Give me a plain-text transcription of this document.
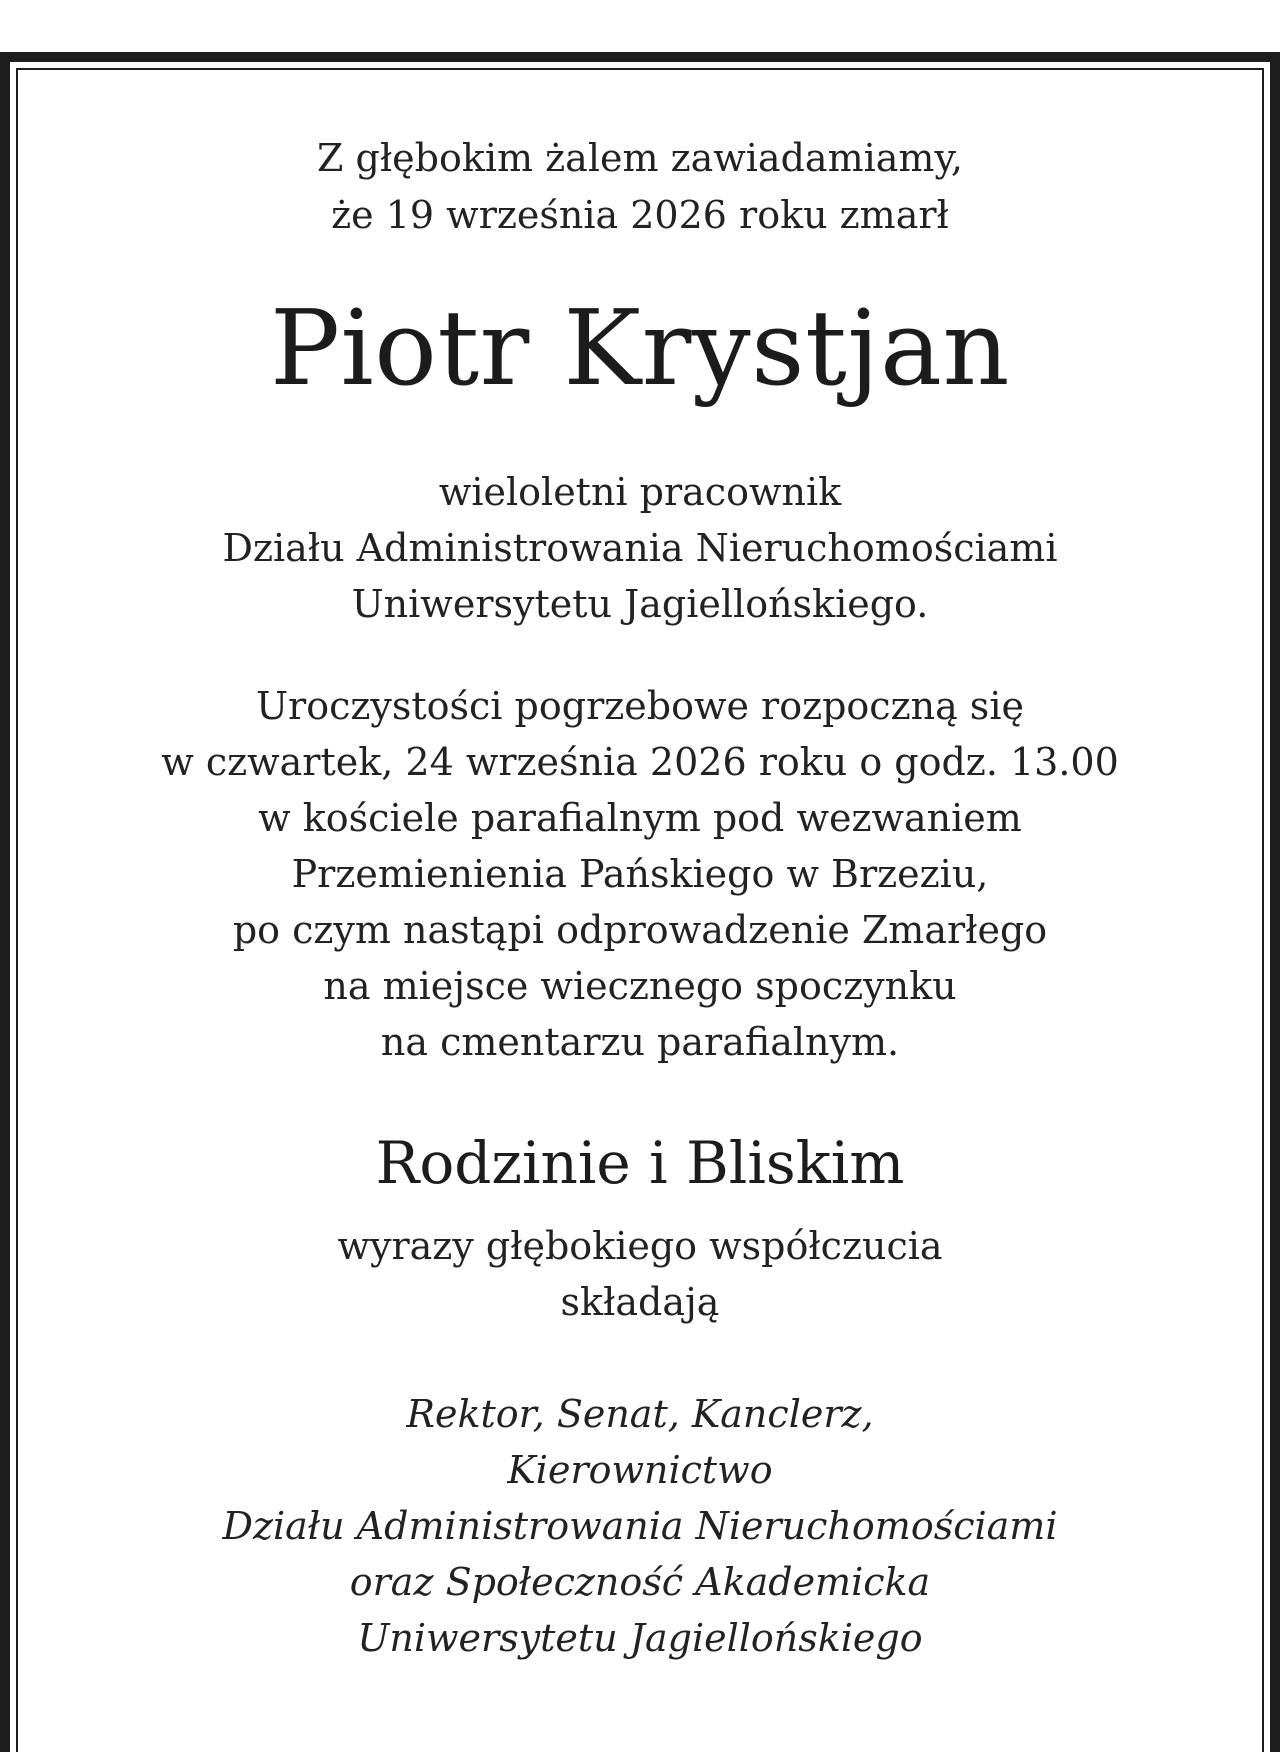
Z głębokim żalem zawiadamiamy,
że 19 września 2026 roku zmarł

Piotr Krystjan

wieloletni pracownik
Działu Administrowania Nieruchomościami
Uniwersytetu Jagiellońskiego.

Uroczystości pogrzebowe rozpoczną się
w czwartek, 24 września 2026 roku o godz. 13.00
w kościele parafialnym pod wezwaniem
Przemienienia Pańskiego w Brzeziu,
po czym nastąpi odprowadzenie Zmarłego
na miejsce wiecznego spoczynku
na cmentarzu parafialnym.

Rodzinie i Bliskim

wyrazy głębokiego współczucia
składają

Rektor, Senat, Kanclerz,
Kierownictwo
Działu Administrowania Nieruchomościami
oraz Społeczność Akademicka
Uniwersytetu Jagiellońskiego
